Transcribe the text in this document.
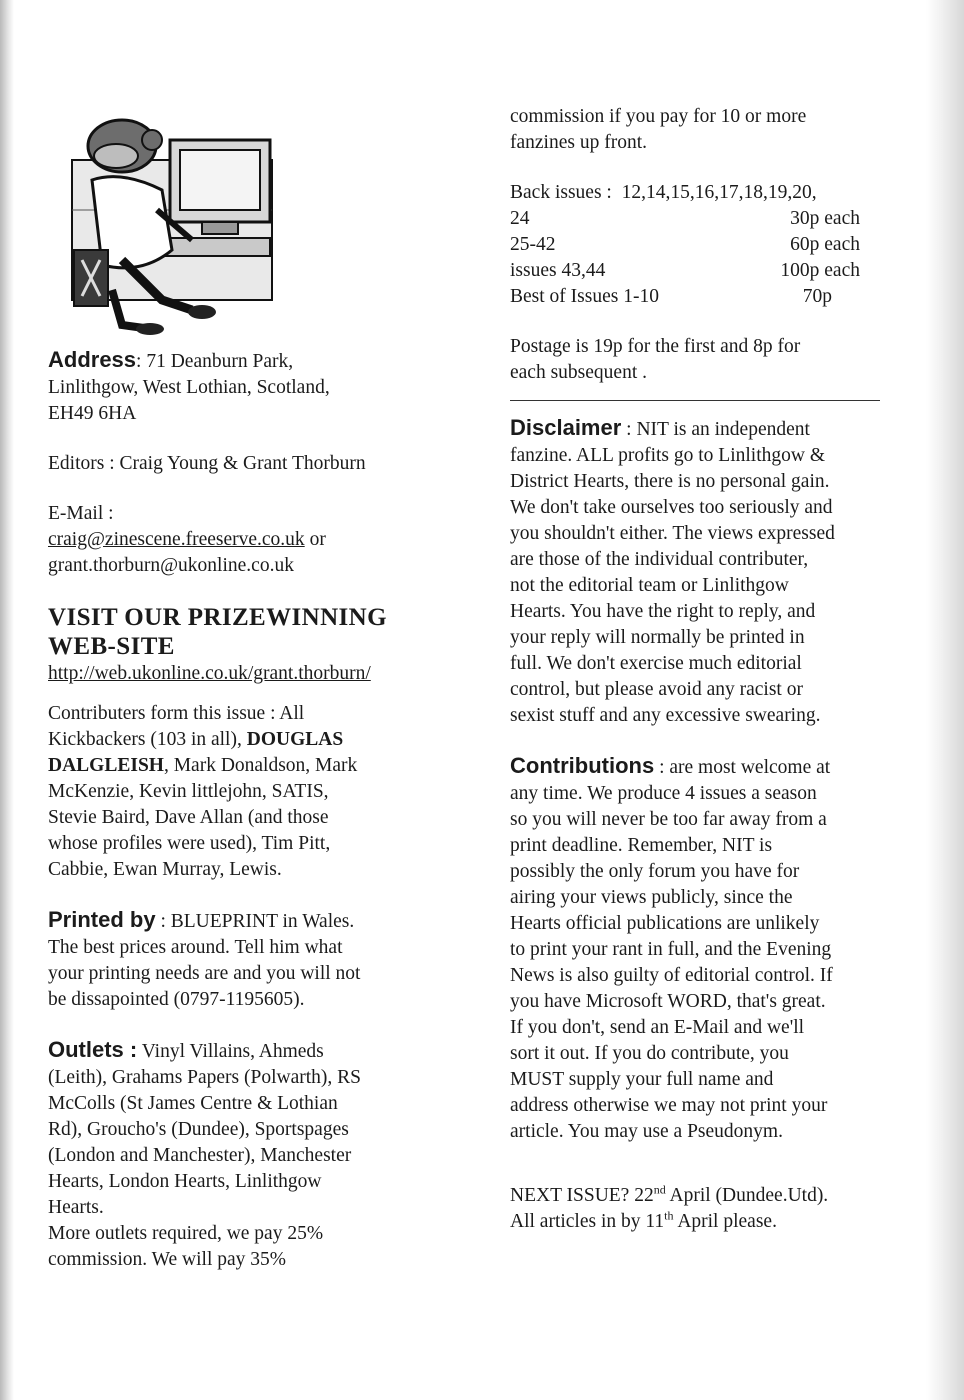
Address: 71 Deanburn Park,

Linlithgow, West Lothian, Scotland,

EH49 6HA

Editors : Craig Young & Grant Thorburn

E-Mail :

craig@zinescene.freeserve.co.uk or

grant.thorburn@ukonline.co.uk

VISIT OUR PRIZEWINNING

WEB-SITE

http://web.ukonline.co.uk/grant.thorburn/

Contributers form this issue : All

Kickbackers (103 in all), DOUGLAS

DALGLEISH, Mark Donaldson, Mark

McKenzie, Kevin littlejohn, SATIS,

Stevie Baird, Dave Allan (and those

whose profiles were used), Tim Pitt,

Cabbie, Ewan Murray, Lewis.

Printed by : BLUEPRINT in Wales.

The best prices around. Tell him what

your printing needs are and you will not

be dissapointed (0797-1195605).

Outlets : Vinyl Villains, Ahmeds

(Leith), Grahams Papers (Polwarth), RS

McColls (St James Centre & Lothian

Rd), Groucho's (Dundee), Sportspages

(London and Manchester), Manchester

Hearts, London Hearts, Linlithgow

Hearts.

More outlets required, we pay 25%

commission. We will pay 35%

commission if you pay for 10 or more

fanzines up front.

Back issues : 12,14,15,16,17,18,19,20,

24	30p each
25-42	60p each
issues 43,44	100p each
Best of Issues 1-10	70p

Postage is 19p for the first and 8p for

each subsequent .

Disclaimer : NIT is an independent

fanzine. ALL profits go to Linlithgow &

District Hearts, there is no personal gain.

We don't take ourselves too seriously and

you shouldn't either. The views expressed

are those of the individual contributer,

not the editorial team or Linlithgow

Hearts. You have the right to reply, and

your reply will normally be printed in

full. We don't exercise much editorial

control, but please avoid any racist or

sexist stuff and any excessive swearing.

Contributions : are most welcome at

any time. We produce 4 issues a season

so you will never be too far away from a

print deadline. Remember, NIT is

possibly the only forum you have for

airing your views publicly, since the

Hearts official publications are unlikely

to print your rant in full, and the Evening

News is also guilty of editorial control. If

you have Microsoft WORD, that's great.

If you don't, send an E-Mail and we'll

sort it out. If you do contribute, you

MUST supply your full name and

address otherwise we may not print your

article. You may use a Pseudonym.

NEXT ISSUE? 22nd April (Dundee.Utd).

All articles in by 11th April please.
